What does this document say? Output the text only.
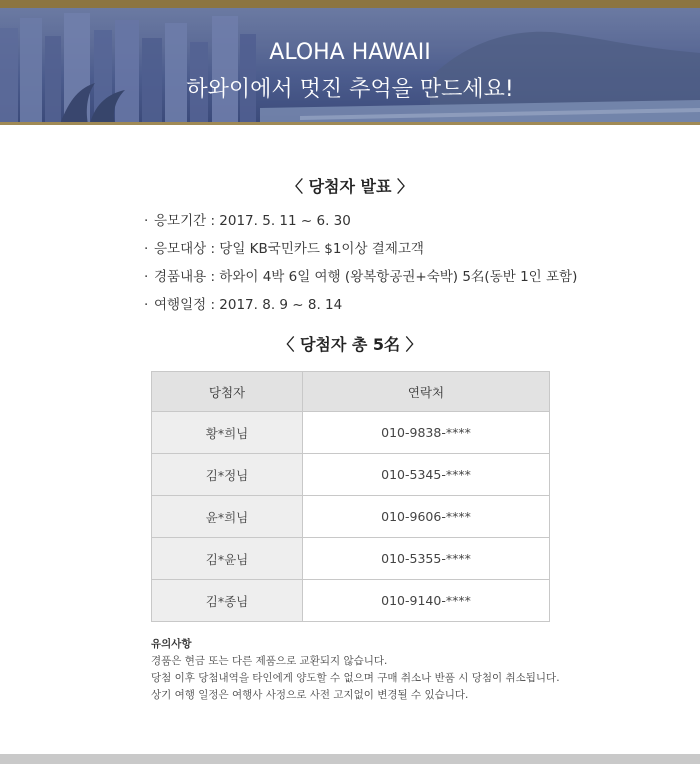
ALOHA HAWAII
하와이에서 멋진 추억을 만드세요!
〈 당첨자 발표 〉
· 응모기간 : 2017. 5. 11 ~ 6. 30
· 응모대상 : 당일 KB국민카드 $1이상 결제고객
· 경품내용 : 하와이 4박 6일 여행 (왕복항공권+숙박) 5名(동반 1인 포함)
· 여행일정 : 2017. 8. 9 ~ 8. 14
〈 당첨자 총 5名 〉
당첨자	연락처
황*희님	010-9838-****
김*정님	010-5345-****
윤*희님	010-9606-****
김*윤님	010-5355-****
김*종님	010-9140-****
유의사항
경품은 현금 또는 다른 제품으로 교환되지 않습니다.
당첨 이후 당첨내역을 타인에게 양도할 수 없으며 구매 취소나 반품 시 당첨이 취소됩니다.
상기 여행 일정은 여행사 사정으로 사전 고지없이 변경될 수 있습니다.
